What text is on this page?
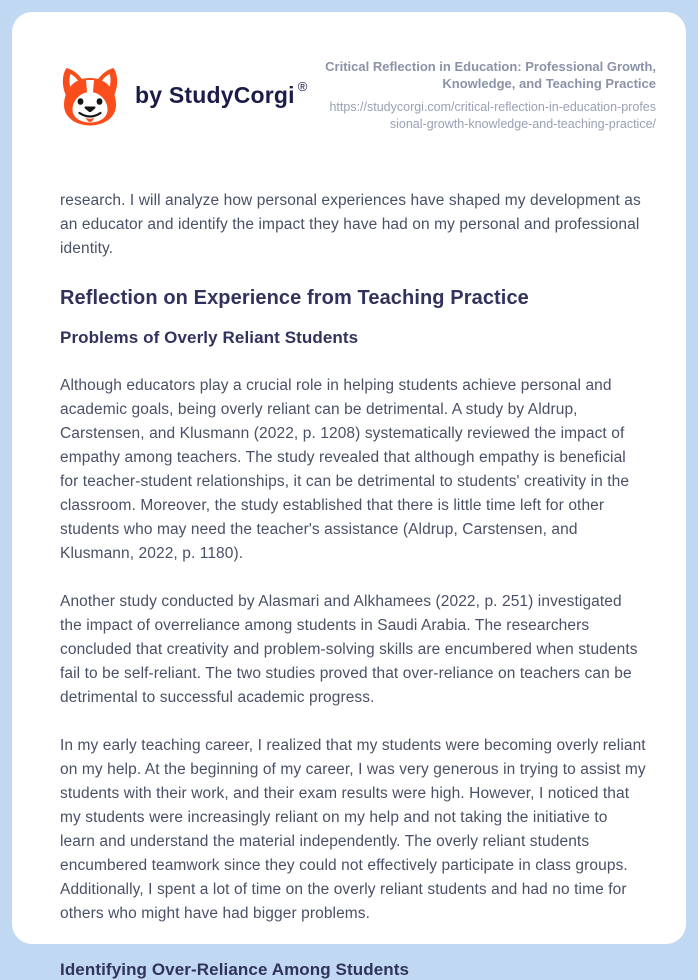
by StudyCorgi ®
Critical Reflection in Education: Professional Growth, Knowledge, and Teaching Practice
https://studycorgi.com/critical-reflection-in-education-professional-growth-knowledge-and-teaching-practice/

research. I will analyze how personal experiences have shaped my development as an educator and identify the impact they have had on my personal and professional identity.

Reflection on Experience from Teaching Practice
Problems of Overly Reliant Students

Although educators play a crucial role in helping students achieve personal and academic goals, being overly reliant can be detrimental. A study by Aldrup, Carstensen, and Klusmann (2022, p. 1208) systematically reviewed the impact of empathy among teachers. The study revealed that although empathy is beneficial for teacher-student relationships, it can be detrimental to students' creativity in the classroom. Moreover, the study established that there is little time left for other students who may need the teacher's assistance (Aldrup, Carstensen, and Klusmann, 2022, p. 1180).

Another study conducted by Alasmari and Alkhamees (2022, p. 251) investigated the impact of overreliance among students in Saudi Arabia. The researchers concluded that creativity and problem-solving skills are encumbered when students fail to be self-reliant. The two studies proved that over-reliance on teachers can be detrimental to successful academic progress.

In my early teaching career, I realized that my students were becoming overly reliant on my help. At the beginning of my career, I was very generous in trying to assist my students with their work, and their exam results were high. However, I noticed that my students were increasingly reliant on my help and not taking the initiative to learn and understand the material independently. The overly reliant students encumbered teamwork since they could not effectively participate in class groups. Additionally, I spent a lot of time on the overly reliant students and had no time for others who might have had bigger problems.

Identifying Over-Reliance Among Students
